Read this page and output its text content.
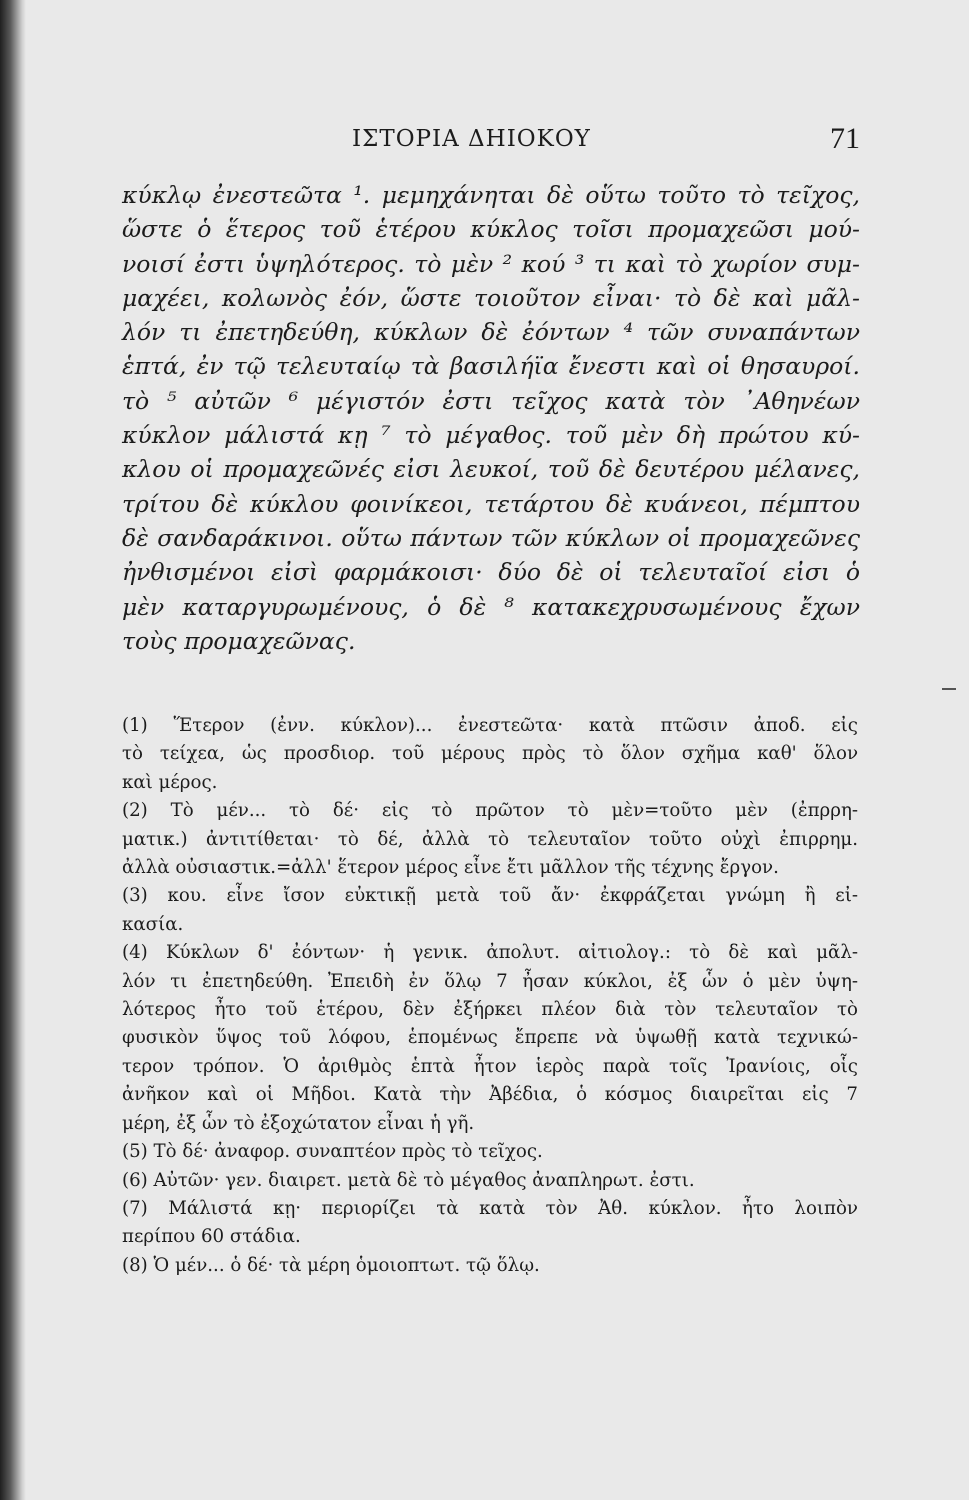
ΙΣΤΟΡΙΑ ΔΗΙΟΚΟΥ	71
κύκλῳ ἐνεστεῶτα ¹. μεμηχάνηται δὲ οὕτω τοῦτο τὸ τεῖχος,
ὥστε ὁ ἕτερος τοῦ ἑτέρου κύκλος τοῖσι προμαχεῶσι μού-
νοισί ἐστι ὑψηλότερος. τὸ μὲν ² κού ³ τι καὶ τὸ χωρίον συμ-
μαχέει, κολωνὸς ἐόν, ὥστε τοιοῦτον εἶναι· τὸ δὲ καὶ μᾶλ-
λόν τι ἐπετηδεύθη, κύκλων δὲ ἐόντων ⁴ τῶν συναπάντων
ἑπτά, ἐν τῷ τελευταίῳ τὰ βασιλήϊα ἔνεστι καὶ οἱ θησαυροί.
τὸ ⁵ αὐτῶν ⁶ μέγιστόν ἐστι τεῖχος κατὰ τὸν ᾿Αθηνέων
κύκλον μάλιστά κῃ ⁷ τὸ μέγαθος. τοῦ μὲν δὴ πρώτου κύ-
κλου οἱ προμαχεῶνές εἰσι λευκοί, τοῦ δὲ δευτέρου μέλανες,
τρίτου δὲ κύκλου φοινίκεοι, τετάρτου δὲ κυάνεοι, πέμπτου
δὲ σανδαράκινοι. οὕτω πάντων τῶν κύκλων οἱ προμαχεῶνες
ἠνθισμένοι εἰσὶ φαρμάκοισι· δύο δὲ οἱ τελευταῖοί εἰσι ὁ
μὲν καταργυρωμένους, ὁ δὲ ⁸ κατακεχρυσωμένους ἔχων
τοὺς προμαχεῶνας.
(1) Ἕτερον (ἐνν. κύκλον)... ἐνεστεῶτα· κατὰ πτῶσιν ἀποδ. εἰς
τὸ τείχεα, ὡς προσδιορ. τοῦ μέρους πρὸς τὸ ὅλον σχῆμα καθ' ὅλον
καὶ μέρος.
(2) Τὸ μέν... τὸ δέ· εἰς τὸ πρῶτον τὸ μὲν=τοῦτο μὲν (ἐπρρη-
ματικ.) ἀντιτίθεται· τὸ δέ, ἀλλὰ τὸ τελευταῖον τοῦτο οὐχὶ ἐπιρρημ.
ἀλλὰ οὐσιαστικ.=ἀλλ' ἕτερον μέρος εἶνε ἔτι μᾶλλον τῆς τέχνης ἔργον.
(3) κου. εἶνε ἴσον εὐκτικῇ μετὰ τοῦ ἄν· ἐκφράζεται γνώμη ἢ εἰ-
κασία.
(4) Κύκλων δ' ἐόντων· ἡ γενικ. ἀπολυτ. αἰτιολογ.: τὸ δὲ καὶ μᾶλ-
λόν τι ἐπετηδεύθη. Ἐπειδὴ ἐν ὅλῳ 7 ἦσαν κύκλοι, ἐξ ὧν ὁ μὲν ὑψη-
λότερος ἦτο τοῦ ἑτέρου, δὲν ἐξήρκει πλέον διὰ τὸν τελευταῖον τὸ
φυσικὸν ὕψος τοῦ λόφου, ἑπομένως ἔπρεπε νὰ ὑψωθῇ κατὰ τεχνικώ-
τερον τρόπον. Ὁ ἀριθμὸς ἑπτὰ ἦτον ἱερὸς παρὰ τοῖς Ἰρανίοις, οἷς
ἀνῆκον καὶ οἱ Μῆδοι. Κατὰ τὴν Ἀβέδια, ὁ κόσμος διαιρεῖται εἰς 7
μέρη, ἐξ ὧν τὸ ἐξοχώτατον εἶναι ἡ γῆ.
(5) Τὸ δέ· ἀναφορ. συναπτέον πρὸς τὸ τεῖχος.
(6) Αὐτῶν· γεν. διαιρετ. μετὰ δὲ τὸ μέγαθος ἀναπληρωτ. ἐστι.
(7) Μάλιστά κῃ· περιορίζει τὰ κατὰ τὸν Ἀθ. κύκλον. ἦτο λοιπὸν
περίπου 60 στάδια.
(8) Ὁ μέν... ὁ δέ· τὰ μέρη ὁμοιοπτωτ. τῷ ὅλῳ.
